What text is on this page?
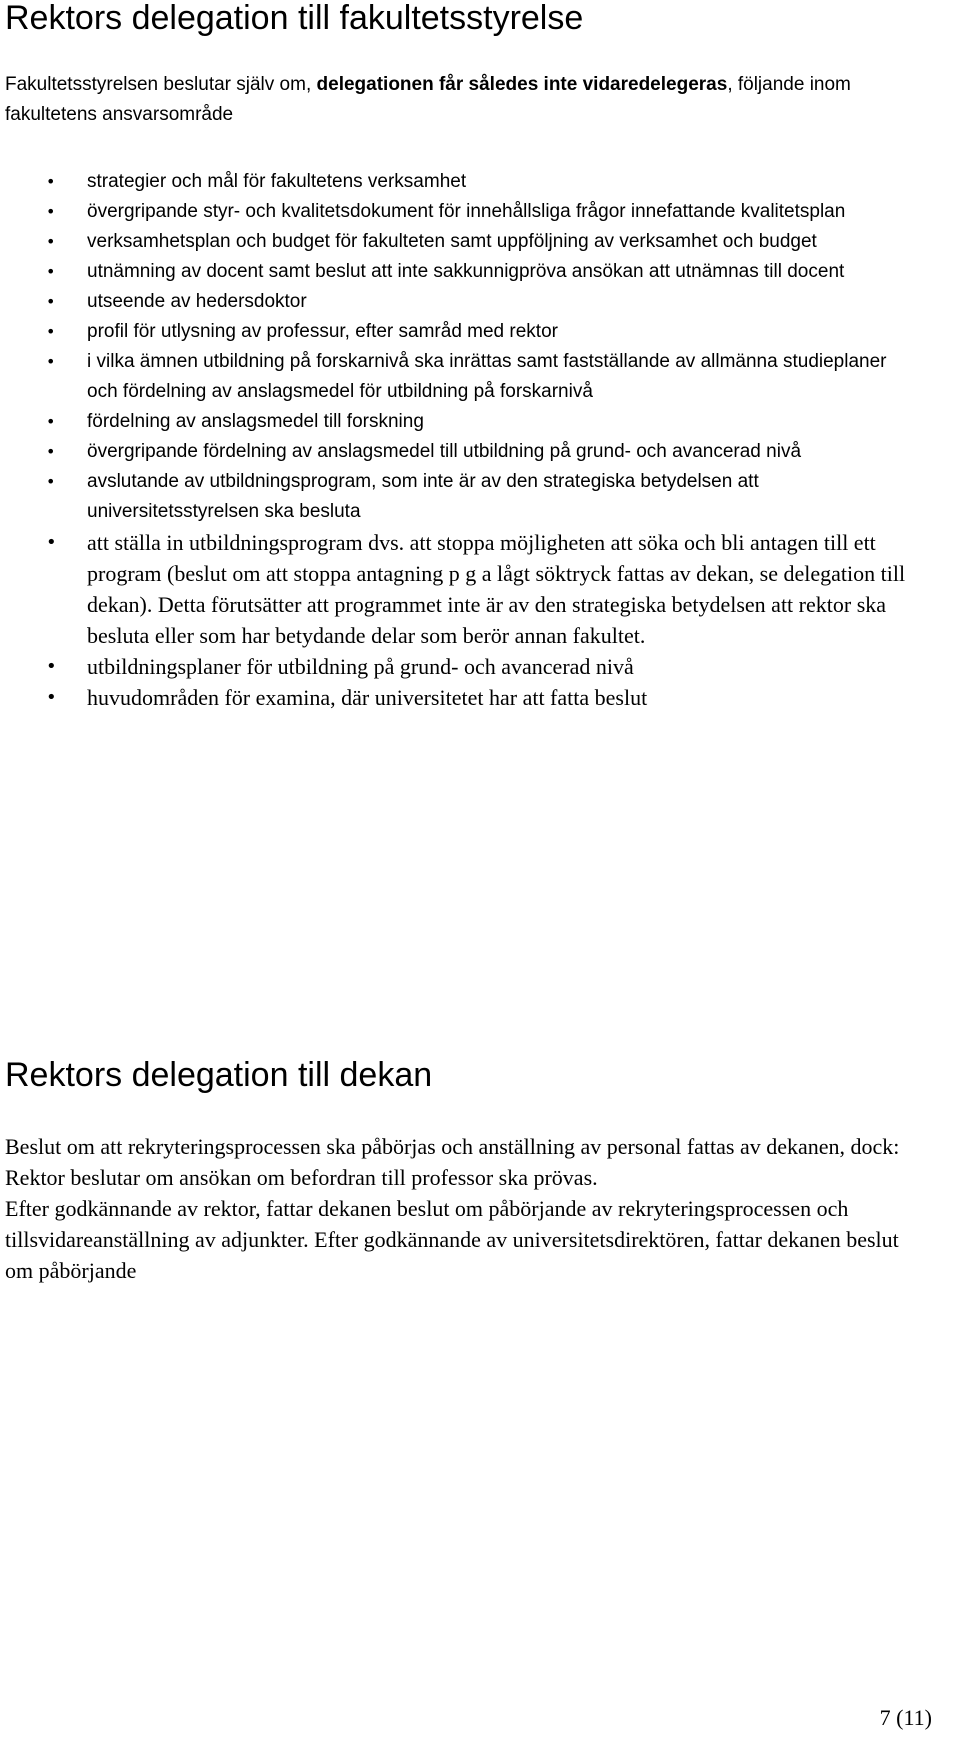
Rektors delegation till fakultetsstyrelse
Fakultetsstyrelsen beslutar själv om, delegationen får således inte vidaredelegeras, följande inom fakultetens ansvarsområde
• strategier och mål för fakultetens verksamhet
• övergripande styr- och kvalitetsdokument för innehållsliga frågor innefattande kvalitetsplan
• verksamhetsplan och budget för fakulteten samt uppföljning av verksamhet och budget
• utnämning av docent samt beslut att inte sakkunnigpröva ansökan att utnämnas till docent
• utseende av hedersdoktor
• profil för utlysning av professur, efter samråd med rektor
• i vilka ämnen utbildning på forskarnivå ska inrättas samt fastställande av allmänna studieplaner och fördelning av anslagsmedel för utbildning på forskarnivå
• fördelning av anslagsmedel till forskning
• övergripande fördelning av anslagsmedel till utbildning på grund- och avancerad nivå
• avslutande av utbildningsprogram, som inte är av den strategiska betydelsen att universitetsstyrelsen ska besluta
• att ställa in utbildningsprogram dvs. att stoppa möjligheten att söka och bli antagen till ett program (beslut om att stoppa antagning p g a lågt söktryck fattas av dekan, se delegation till dekan). Detta förutsätter att programmet inte är av den strategiska betydelsen att rektor ska besluta eller som har betydande delar som berör annan fakultet.
• utbildningsplaner för utbildning på grund- och avancerad nivå
• huvudområden för examina, där universitetet har att fatta beslut
Rektors delegation till dekan

Beslut om att rekryteringsprocessen ska påbörjas och anställning av personal fattas av dekanen, dock:

Rektor beslutar om ansökan om befordran till professor ska prövas.

Efter godkännande av rektor, fattar dekanen beslut om påbörjande av rekryteringsprocessen och tillsvidareanställning av adjunkter. Efter godkännande av universitetsdirektören, fattar dekanen beslut om påbörjande

7 (11)
